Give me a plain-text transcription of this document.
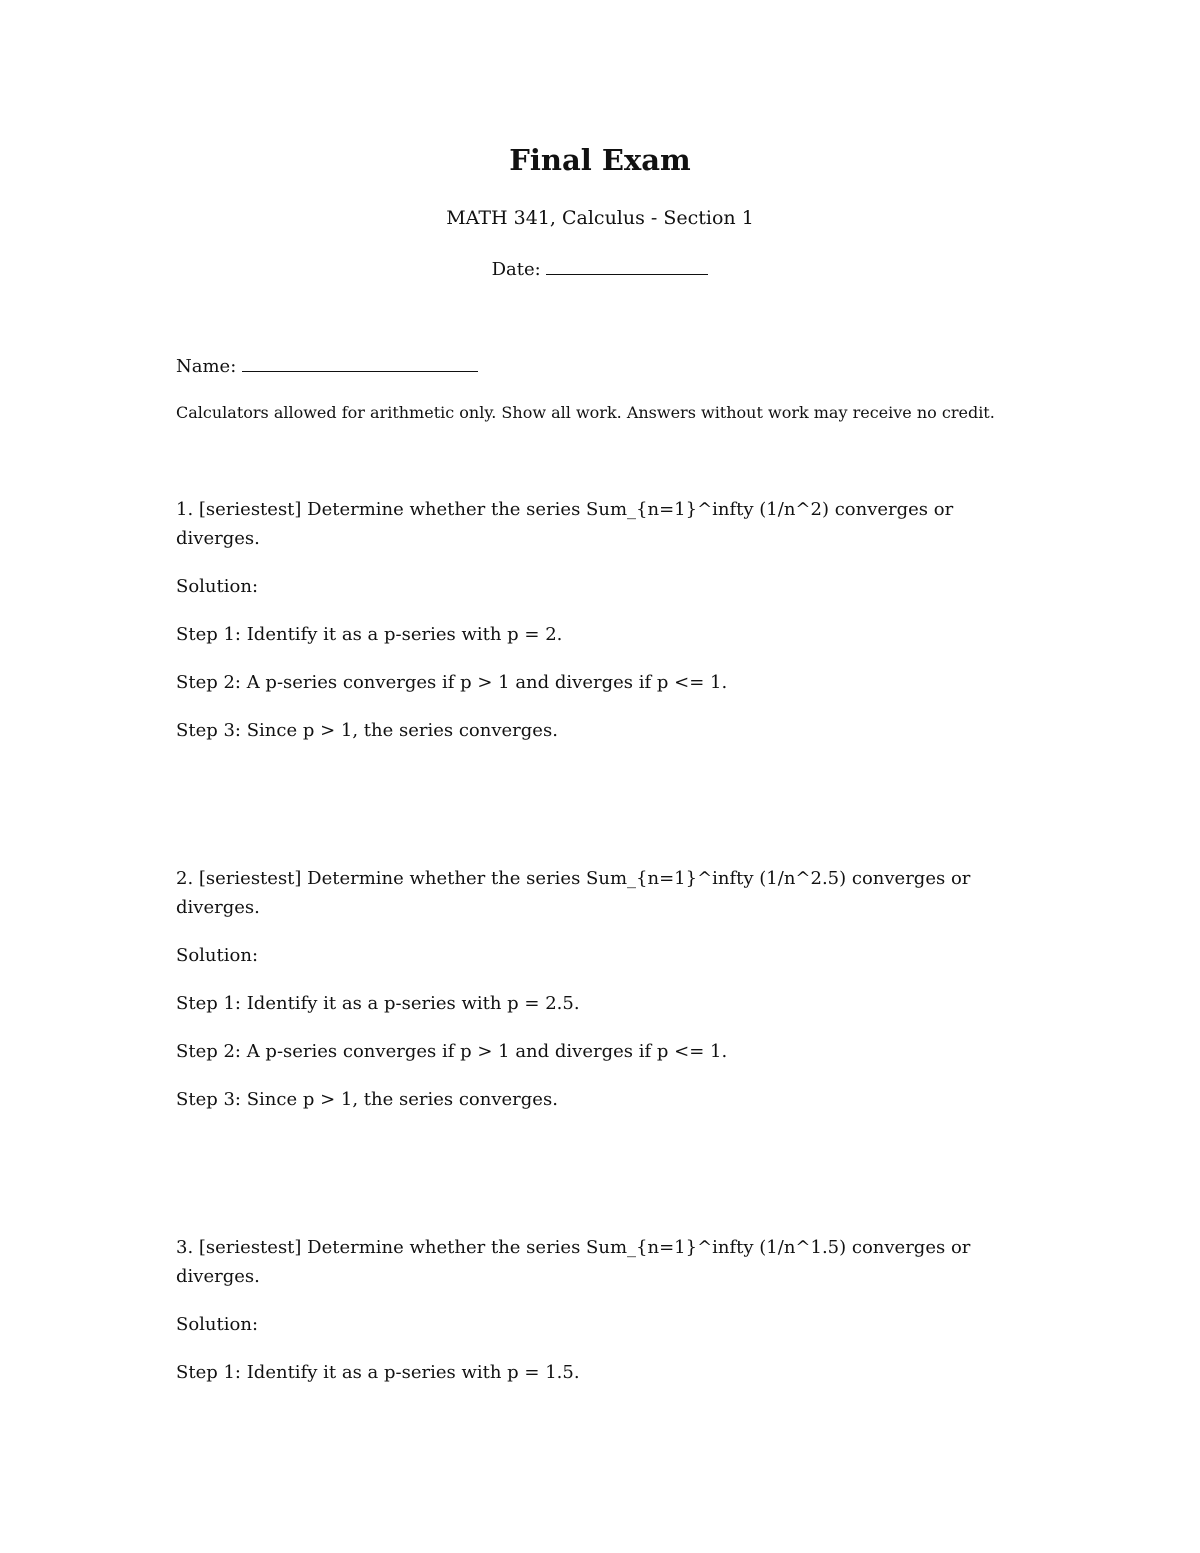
Final Exam
MATH 341, Calculus - Section 1
Date:
Name:
Calculators allowed for arithmetic only. Show all work. Answers without work may receive no credit.

1. [seriestest] Determine whether the series Sum_{n=1}^infty (1/n^2) converges or diverges.

Solution:

Step 1: Identify it as a p-series with p = 2.

Step 2: A p-series converges if p > 1 and diverges if p <= 1.

Step 3: Since p > 1, the series converges.

2. [seriestest] Determine whether the series Sum_{n=1}^infty (1/n^2.5) converges or diverges.

Solution:

Step 1: Identify it as a p-series with p = 2.5.

Step 2: A p-series converges if p > 1 and diverges if p <= 1.

Step 3: Since p > 1, the series converges.

3. [seriestest] Determine whether the series Sum_{n=1}^infty (1/n^1.5) converges or diverges.

Solution:

Step 1: Identify it as a p-series with p = 1.5.
